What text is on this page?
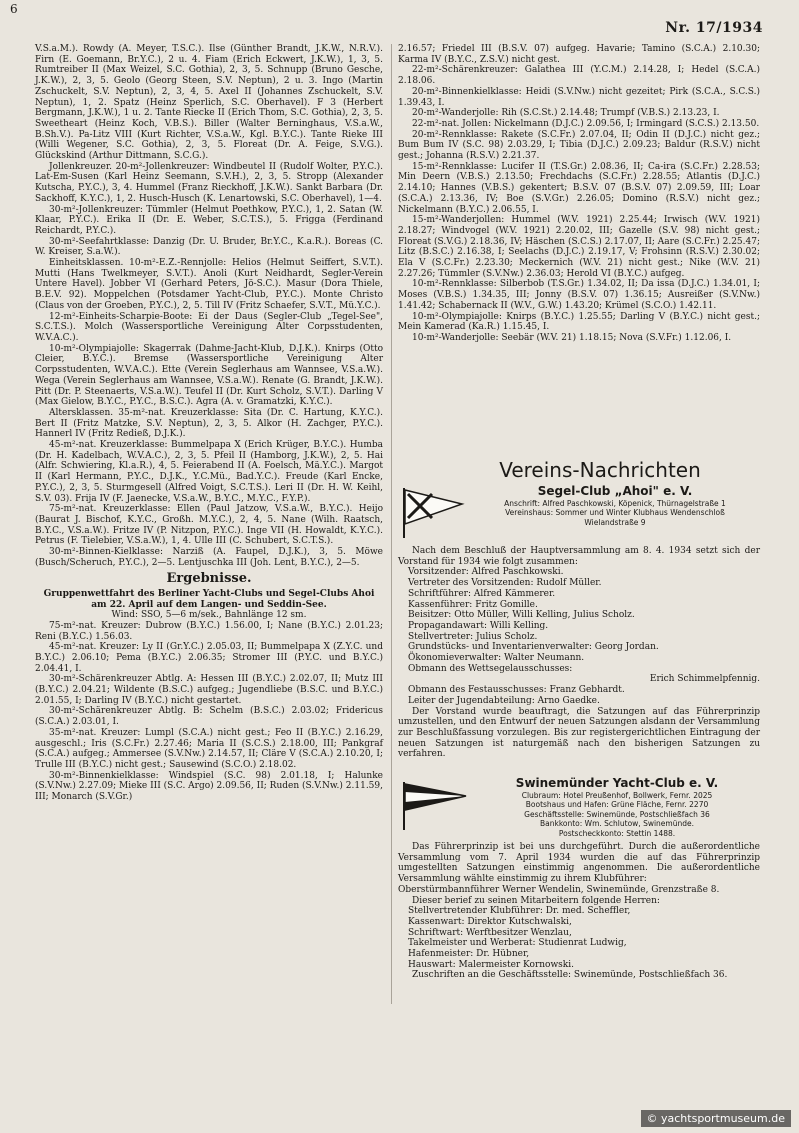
6
Nr. 17/1934

V.S.a.M.). Rowdy (A. Meyer, T.S.C.). Ilse (Günther Brandt, J.K.W., N.R.V.). Firn (E. Goemann, Br.Y.C.), 2 u. 4. Fiam (Erich Eckwert, J.K.W.), 1, 3, 5. Rumtreiber II (Max Weizel, S.C. Gothia), 2, 3, 5. Schnupp (Bruno Gesche, J.K.W.), 2, 3, 5. Geolo (Georg Steen, S.V. Neptun), 2 u. 3. Ingo (Martin Zschuckelt, S.V. Neptun), 2, 3, 4, 5. Axel II (Johannes Zschuckelt, S.V. Neptun), 1, 2. Spatz (Heinz Sperlich, S.C. Oberhavel). F 3 (Herbert Bergmann, J.K.W.), 1 u. 2. Tante Riecke II (Erich Thom, S.C. Gothia), 2, 3, 5. Sweetheart (Heinz Koch, V.B.S.). Biller (Walter Berninghaus, V.S.a.W., B.Sh.V.). Pa-Litz VIII (Kurt Richter, V.S.a.W., Kgl. B.Y.C.). Tante Rieke III (Willi Wegener, S.C. Gothia), 2, 3, 5. Floreat (Dr. A. Feige, S.V.G.). Glückskind (Arthur Dittmann, S.C.G.).

Jollenkreuzer. 20-m²-Jollenkreuzer: Windbeutel II (Rudolf Wolter, P.Y.C.). Lat-Em-Susen (Karl Heinz Seemann, S.V.H.), 2, 3, 5. Stropp (Alexander Kutscha, P.Y.C.), 3, 4. Hummel (Franz Rieckhoff, J.K.W.). Sankt Barbara (Dr. Sackhoff, K.Y.C.), 1, 2. Husch-Husch (K. Lenartowski, S.C. Oberhavel), 1—4.

30-m²-Jollenkreuzer: Tümmler (Helmut Poethkow, P.Y.C.), 1, 2. Satan (W. Klaar, P.Y.C.). Erika II (Dr. E. Weber, S.C.T.S.), 5. Frigga (Ferdinand Reichardt, P.Y.C.).

30-m²-Seefahrtklasse: Danzig (Dr. U. Bruder, Br.Y.C., K.a.R.). Boreas (C. W. Kreiser, S.a.W.).

Einheitsklassen. 10-m²-E.Z.-Rennjolle: Helios (Helmut Seiffert, S.V.T.). Mutti (Hans Twelkmeyer, S.V.T.). Anoli (Kurt Neidhardt, Segler-Verein Untere Havel). Jobber VI (Gerhard Peters, Jö-S.C.). Masur (Dora Thiele, B.E.V. 92). Moppelchen (Potsdamer Yacht-Club, P.Y.C.). Monte Christo (Claus von der Groeben, P.Y.C.), 2, 5. Till IV (Fritz Schaefer, S.V.T., Mü.Y.C.).

12-m²-Einheits-Scharpie-Boote: Ei der Daus (Segler-Club „Tegel-See", S.C.T.S.). Molch (Wassersportliche Vereinigung Alter Corpsstudenten, W.V.A.C.).

10-m²-Olympiajolle: Skagerrak (Dahme-Jacht-Klub, D.J.K.). Knirps (Otto Cleier, B.Y.C.). Bremse (Wassersportliche Vereinigung Alter Corpsstudenten, W.V.A.C.). Ette (Verein Seglerhaus am Wannsee, V.S.a.W.). Wega (Verein Seglerhaus am Wannsee, V.S.a.W.). Renate (G. Brandt, J.K.W.). Pitt (Dr. P. Steenaerts, V.S.a.W.). Teufel II (Dr. Kurt Scholz, S.V.T.). Darling V (Max Gielow, B.Y.C., P.Y.C., B.S.C.). Agra (A. v. Gramatzki, K.Y.C.).

Altersklassen. 35-m²-nat. Kreuzerklasse: Sita (Dr. C. Hartung, K.Y.C.). Bert II (Fritz Matzke, S.V. Neptun), 2, 3, 5. Alkor (H. Zachger, P.Y.C.). Hannerl IV (Fritz Redieß, D.J.K.).

45-m²-nat. Kreuzerklasse: Bummelpapa X (Erich Krüger, B.Y.C.). Humba (Dr. H. Kadelbach, W.V.A.C.), 2, 3, 5. Pfeil II (Hamborg, J.K.W.), 2, 5. Hai (Alfr. Schwiering, Kl.a.R.), 4, 5. Feierabend II (A. Foelsch, Mä.Y.C.). Margot II (Karl Hermann, P.Y.C., D.J.K., Y.C.Mü., Bad.Y.C.). Freude (Karl Encke, P.Y.C.), 2, 3, 5. Sturmgesell (Alfred Voigt, S.C.T.S.). Leri II (Dr. H. W. Keihl, S.V. 03). Frija IV (F. Jaenecke, V.S.a.W., B.Y.C., M.Y.C., F.Y.P.).

75-m²-nat. Kreuzerklasse: Ellen (Paul Jatzow, V.S.a.W., B.Y.C.). Heijo (Baurat J. Bischof, K.Y.C., Großh. M.Y.C.), 2, 4, 5. Nane (Wilh. Raatsch, B.Y.C., V.S.a.W.). Fritze IV (P. Nitzpon, P.Y.C.). Inge VII (H. Howaldt, K.Y.C.). Petrus (F. Tielebier, V.S.a.W.), 1, 4. Ulle III (C. Schubert, S.C.T.S.).

30-m²-Binnen-Kielklasse: Narziß (A. Faupel, D.J.K.), 3, 5. Möwe (Busch/Scheruch, P.Y.C.), 2—5. Lentjuschka III (Joh. Lent, B.Y.C.), 2—5.

Ergebnisse.
Gruppenwettfahrt des Berliner Yacht-Clubs und Segel-Clubs Ahoi am 22. April auf dem Langen- und Seddin-See.
Wind: SSO, 5—6 m/sek., Bahnlänge 12 sm.

75-m²-nat. Kreuzer: Dubrow (B.Y.C.) 1.56.00, I; Nane (B.Y.C.) 2.01.23; Reni (B.Y.C.) 1.56.03.

45-m²-nat. Kreuzer: Ly II (Gr.Y.C.) 2.05.03, II; Bummelpapa X (Z.Y.C. und B.Y.C.) 2.06.10; Pema (B.Y.C.) 2.06.35; Stromer III (P.Y.C. und B.Y.C.) 2.04.41, I.

30-m²-Schärenkreuzer Abtlg. A: Hessen III (B.Y.C.) 2.02.07, II; Mutz III (B.Y.C.) 2.04.21; Wildente (B.S.C.) aufgeg.; Jugendliebe (B.S.C. und B.Y.C.) 2.01.55, I; Darling IV (B.Y.C.) nicht gestartet.

30-m²-Schärenkreuzer Abtlg. B: Schelm (B.S.C.) 2.03.02; Fridericus (S.C.A.) 2.03.01, I.

35-m²-nat. Kreuzer: Lumpl (S.C.A.) nicht gest.; Feo II (B.Y.C.) 2.16.29, ausgeschl.; Iris (S.C.Fr.) 2.27.46; Maria II (S.C.S.) 2.18.00, III; Pankgraf (S.C.A.) aufgeg.; Ammersee (S.V.Nw.) 2.14.57, II; Cläre V (S.C.A.) 2.10.20, I; Trulle III (B.Y.C.) nicht gest.; Sausewind (S.C.O.) 2.18.02.

30-m²-Binnenkielklasse: Windspiel (S.C. 98) 2.01.18, I; Halunke (S.V.Nw.) 2.27.09; Mieke III (S.C. Argo) 2.09.56, II; Ruden (S.V.Nw.) 2.11.59, III; Monarch (S.V.Gr.)

2.16.57; Friedel III (B.S.V. 07) aufgeg. Havarie; Tamino (S.C.A.) 2.10.30; Karma IV (B.Y.C., Z.S.V.) nicht gest.

22-m²-Schärenkreuzer: Galathea III (Y.C.M.) 2.14.28, I; Hedel (S.C.A.) 2.18.06.

20-m²-Binnenkielklasse: Heidi (S.V.Nw.) nicht gezeitet; Pirk (S.C.A., S.C.S.) 1.39.43, I.

20-m²-Wanderjolle: Rih (S.C.St.) 2.14.48; Trumpf (V.B.S.) 2.13.23, I.

22-m²-nat. Jollen: Nickelmann (D.J.C.) 2.09.56, I; Irmingard (S.C.S.) 2.13.50.

20-m²-Rennklasse: Rakete (S.C.Fr.) 2.07.04, II; Odin II (D.J.C.) nicht gez.; Bum Bum IV (S.C. 98) 2.03.29, I; Tibia (D.J.C.) 2.09.23; Baldur (R.S.V.) nicht gest.; Johanna (R.S.V.) 2.21.37.

15-m²-Rennklasse: Lucifer II (T.S.Gr.) 2.08.36, II; Ca-ira (S.C.Fr.) 2.28.53; Min Deern (V.B.S.) 2.13.50; Frechdachs (S.C.Fr.) 2.28.55; Atlantis (D.J.C.) 2.14.10; Hannes (V.B.S.) gekentert; B.S.V. 07 (B.S.V. 07) 2.09.59, III; Loar (S.C.A.) 2.13.36, IV; Boe (S.V.Gr.) 2.26.05; Domino (R.S.V.) nicht gez.; Nickelmann (B.Y.C.) 2.06.55, I.

15-m²-Wanderjollen: Hummel (W.V. 1921) 2.25.44; Irwisch (W.V. 1921) 2.18.27; Windvogel (W.V. 1921) 2.20.02, III; Gazelle (S.V. 98) nicht gest.; Floreat (S.V.G.) 2.18.36, IV; Häschen (S.C.S.) 2.17.07, II; Aare (S.C.Fr.) 2.25.47; Litz (B.S.C.) 2.16.38, I; Seelachs (D.J.C.) 2.19.17, V; Frohsinn (R.S.V.) 2.30.02; Ela V (S.C.Fr.) 2.23.30; Meckernich (W.V. 21) nicht gest.; Nike (W.V. 21) 2.27.26; Tümmler (S.V.Nw.) 2.36.03; Herold VI (B.Y.C.) aufgeg.

10-m²-Rennklasse: Silberbob (T.S.Gr.) 1.34.02, II; Da issa (D.J.C.) 1.34.01, I; Moses (V.B.S.) 1.34.35, III; Jonny (B.S.V. 07) 1.36.15; Ausreißer (S.V.Nw.) 1.41.42; Schabernack II (W.V., G.W.) 1.43.20; Krümel (S.C.O.) 1.42.11.

10-m²-Olympiajolle: Knirps (B.Y.C.) 1.25.55; Darling V (B.Y.C.) nicht gest.; Mein Kamerad (Ka.R.) 1.15.45, I.

10-m²-Wanderjolle: Seebär (W.V. 21) 1.18.15; Nova (S.V.Fr.) 1.12.06, I.

Vereins-Nachrichten
Segel-Club „Ahoi" e. V.
Anschrift: Alfred Paschkowski, Köpenick, Thürnagelstraße 1
Vereinshaus: Sommer und Winter Klubhaus Wendenschloß
Wielandstraße 9

Nach dem Beschluß der Hauptversammlung am 8. 4. 1934 setzt sich der Vorstand für 1934 wie folgt zusammen:

Vorsitzender: Alfred Paschkowski.

Vertreter des Vorsitzenden: Rudolf Müller.

Schriftführer: Alfred Kämmerer.

Kassenführer: Fritz Gomille.

Beisitzer: Otto Müller, Willi Kelling, Julius Scholz.

Propagandawart: Willi Kelling.

Stellvertreter: Julius Scholz.

Grundstücks- und Inventarienverwalter: Georg Jordan.

Ökonomieverwalter: Walter Neumann.

Obmann des Wettsegelausschusses:

Erich Schimmelpfennig.

Obmann des Festausschusses: Franz Gebhardt.

Leiter der Jugendabteilung: Arno Gaedke.

Der Vorstand wurde beauftragt, die Satzungen auf das Führerprinzip umzustellen, und den Entwurf der neuen Satzungen alsdann der Versammlung zur Beschlußfassung vorzulegen. Bis zur registergerichtlichen Eintragung der neuen Satzungen ist naturgemäß nach den bisherigen Satzungen zu verfahren.

Swinemünder Yacht-Club e. V.
Clubraum: Hotel Preußenhof, Bollwerk, Fernr. 2025
Bootshaus und Hafen: Grüne Fläche, Fernr. 2270
Geschäftsstelle: Swinemünde, Postschließfach 36
Bankkonto: Wm. Schlutow, Swinemünde.
Postscheckkonto: Stettin 1488.

Das Führerprinzip ist bei uns durchgeführt. Durch die außerordentliche Versammlung vom 7. April 1934 wurden die auf das Führerprinzip umgestellten Satzungen einstimmig angenommen. Die außerordentliche Versammlung wählte einstimmig zu ihrem Klubführer:

Oberstürmbannführer Werner Wendelin, Swinemünde, Grenzstraße 8.

Dieser berief zu seinen Mitarbeitern folgende Herren:

Stellvertretender Klubführer: Dr. med. Scheffler,

Kassenwart: Direktor Kutschwalski,

Schriftwart: Werftbesitzer Wenzlau,

Takelmeister und Werberat: Studienrat Ludwig,

Hafenmeister: Dr. Hübner,

Hauswart: Malermeister Kornowski.

Zuschriften an die Geschäftsstelle: Swinemünde, Postschließfach 36.

© yachtsportmuseum.de
